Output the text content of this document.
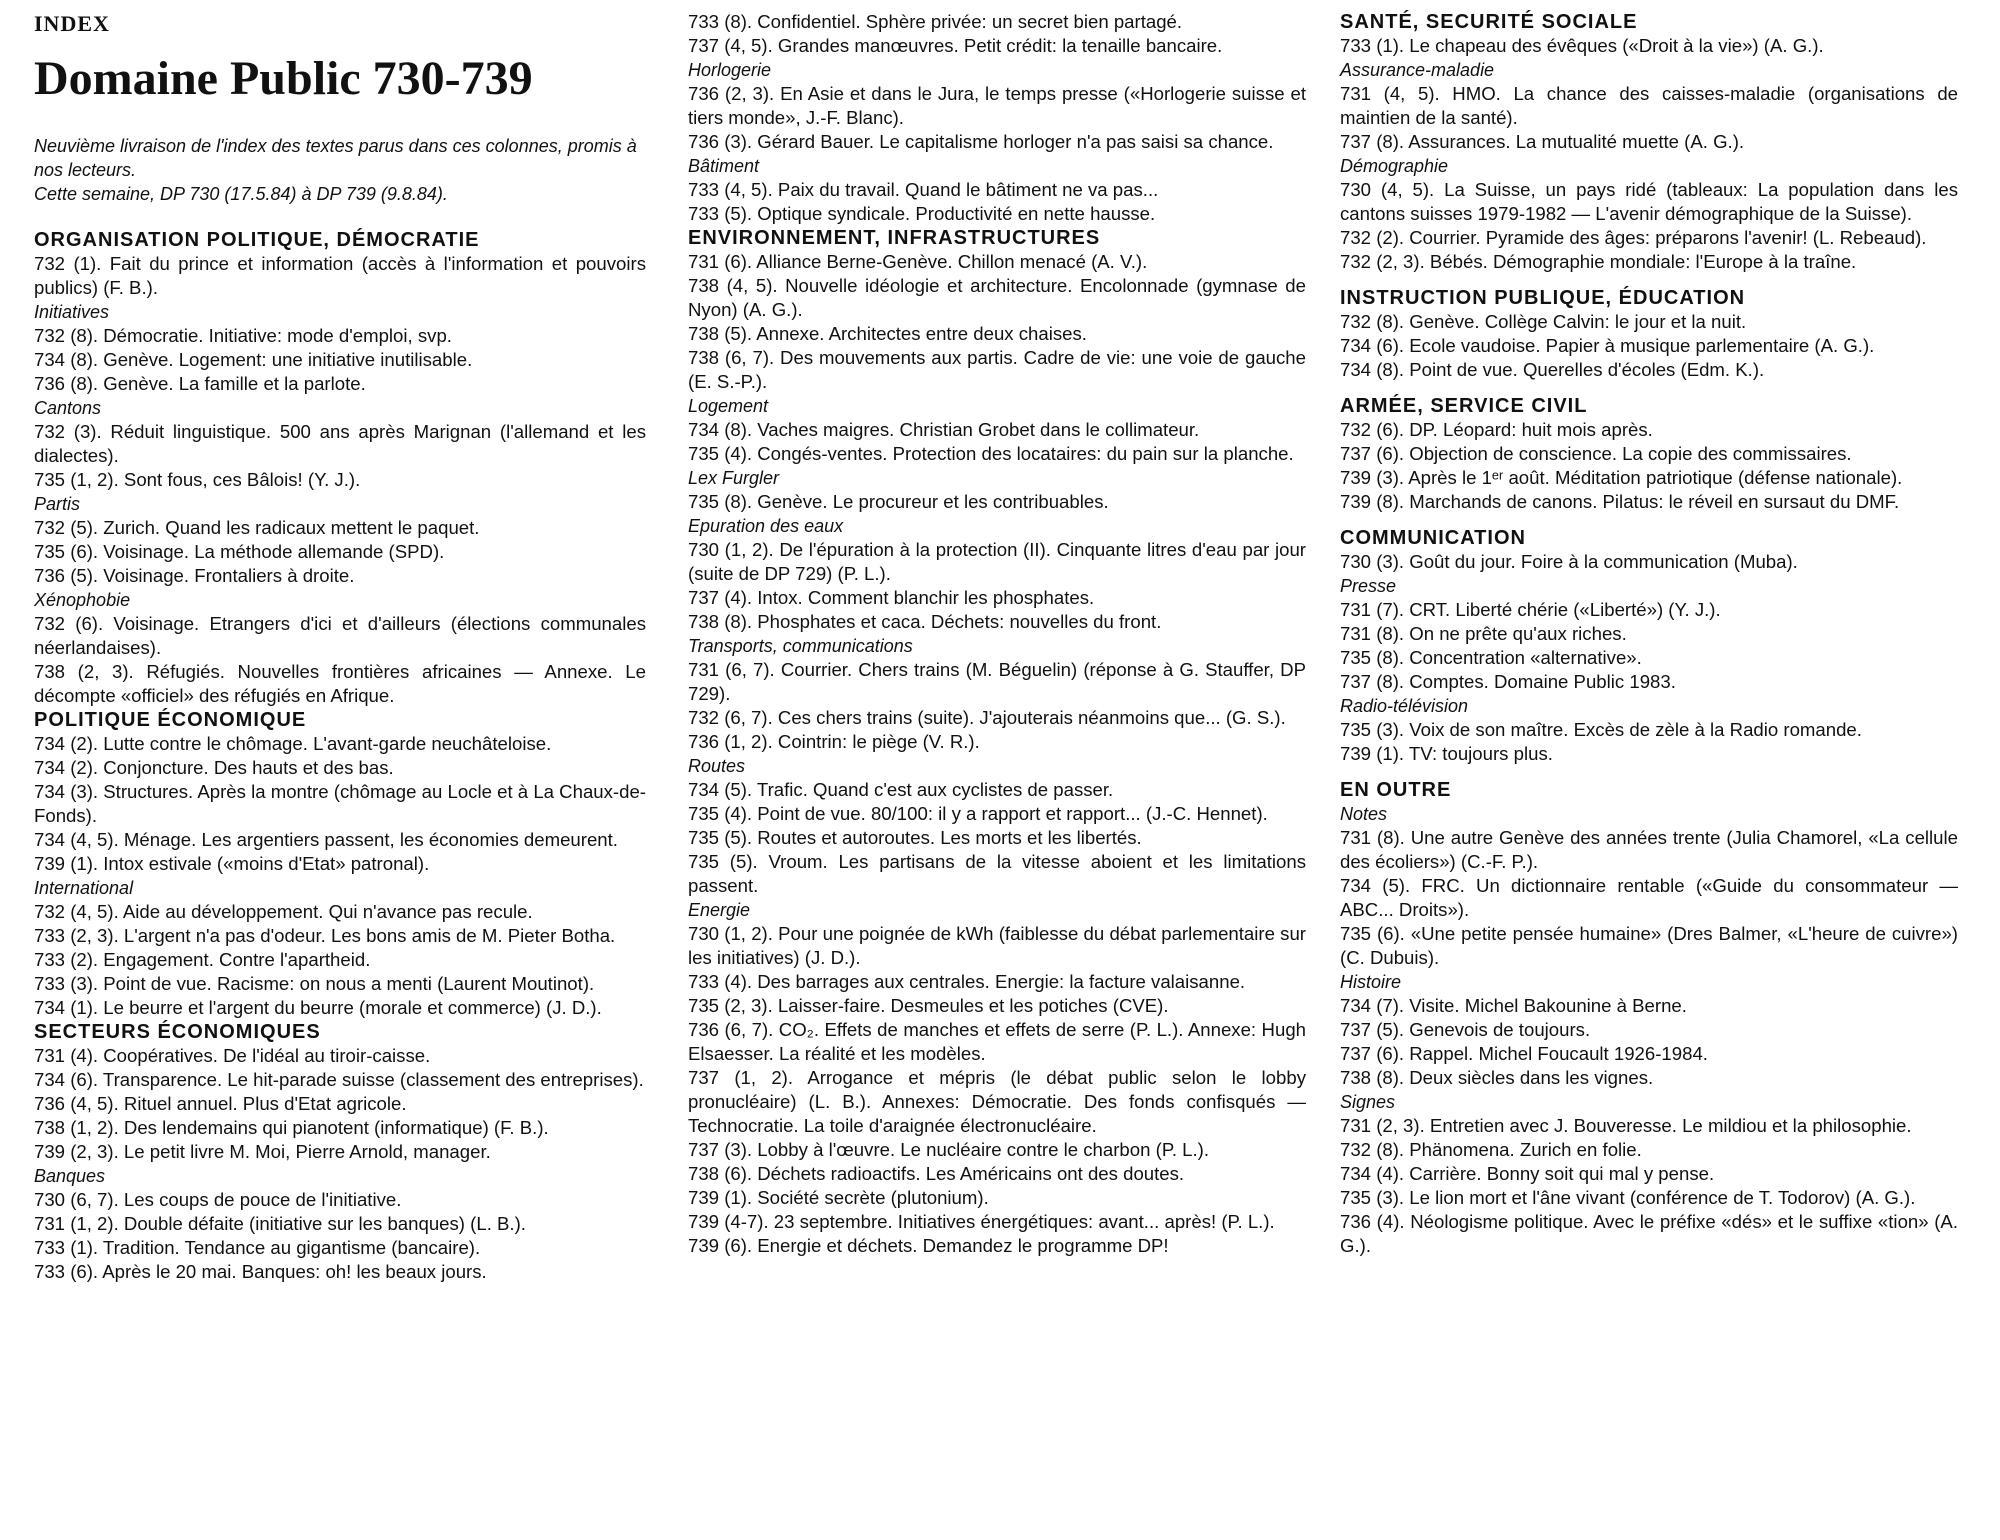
INDEX
Domaine Public 730-739
Neuvième livraison de l'index des textes parus dans ces colonnes, promis à nos lecteurs.
Cette semaine, DP 730 (17.5.84) à DP 739 (9.8.84).
ORGANISATION POLITIQUE, DÉMOCRATIE
732 (1). Fait du prince et information (accès à l'information et pouvoirs publics) (F. B.).
Initiatives
732 (8). Démocratie. Initiative: mode d'emploi, svp.
734 (8). Genève. Logement: une initiative inutilisable.
736 (8). Genève. La famille et la parlote.
Cantons
732 (3). Réduit linguistique. 500 ans après Marignan (l'allemand et les dialectes).
735 (1, 2). Sont fous, ces Bâlois! (Y. J.).
Partis
732 (5). Zurich. Quand les radicaux mettent le paquet.
735 (6). Voisinage. La méthode allemande (SPD).
736 (5). Voisinage. Frontaliers à droite.
Xénophobie
732 (6). Voisinage. Etrangers d'ici et d'ailleurs (élections communales néerlandaises).
738 (2, 3). Réfugiés. Nouvelles frontières africaines — Annexe. Le décompte «officiel» des réfugiés en Afrique.
POLITIQUE ÉCONOMIQUE
734 (2). Lutte contre le chômage. L'avant-garde neuchâteloise.
734 (2). Conjoncture. Des hauts et des bas.
734 (3). Structures. Après la montre (chômage au Locle et à La Chaux-de-Fonds).
734 (4, 5). Ménage. Les argentiers passent, les économies demeurent.
739 (1). Intox estivale («moins d'Etat» patronal).
International
732 (4, 5). Aide au développement. Qui n'avance pas recule.
733 (2, 3). L'argent n'a pas d'odeur. Les bons amis de M. Pieter Botha.
733 (2). Engagement. Contre l'apartheid.
733 (3). Point de vue. Racisme: on nous a menti (Laurent Moutinot).
734 (1). Le beurre et l'argent du beurre (morale et commerce) (J. D.).
SECTEURS ÉCONOMIQUES
731 (4). Coopératives. De l'idéal au tiroir-caisse.
734 (6). Transparence. Le hit-parade suisse (classement des entreprises).
736 (4, 5). Rituel annuel. Plus d'Etat agricole.
738 (1, 2). Des lendemains qui pianotent (informatique) (F. B.).
739 (2, 3). Le petit livre M. Moi, Pierre Arnold, manager.
Banques
730 (6, 7). Les coups de pouce de l'initiative.
731 (1, 2). Double défaite (initiative sur les banques) (L. B.).
733 (1). Tradition. Tendance au gigantisme (bancaire).
733 (6). Après le 20 mai. Banques: oh! les beaux jours.
733 (8). Confidentiel. Sphère privée: un secret bien partagé.
737 (4, 5). Grandes manœuvres. Petit crédit: la tenaille bancaire.
Horlogerie
736 (2, 3). En Asie et dans le Jura, le temps presse («Horlogerie suisse et tiers monde», J.-F. Blanc).
736 (3). Gérard Bauer. Le capitalisme horloger n'a pas saisi sa chance.
Bâtiment
733 (4, 5). Paix du travail. Quand le bâtiment ne va pas...
733 (5). Optique syndicale. Productivité en nette hausse.
ENVIRONNEMENT, INFRASTRUCTURES
731 (6). Alliance Berne-Genève. Chillon menacé (A. V.).
738 (4, 5). Nouvelle idéologie et architecture. Encolonnade (gymnase de Nyon) (A. G.).
738 (5). Annexe. Architectes entre deux chaises.
738 (6, 7). Des mouvements aux partis. Cadre de vie: une voie de gauche (E. S.-P.).
Logement
734 (8). Vaches maigres. Christian Grobet dans le collimateur.
735 (4). Congés-ventes. Protection des locataires: du pain sur la planche.
Lex Furgler
735 (8). Genève. Le procureur et les contribuables.
Epuration des eaux
730 (1, 2). De l'épuration à la protection (II). Cinquante litres d'eau par jour (suite de DP 729) (P. L.).
737 (4). Intox. Comment blanchir les phosphates.
738 (8). Phosphates et caca. Déchets: nouvelles du front.
Transports, communications
731 (6, 7). Courrier. Chers trains (M. Béguelin) (réponse à G. Stauffer, DP 729).
732 (6, 7). Ces chers trains (suite). J'ajouterais néanmoins que... (G. S.).
736 (1, 2). Cointrin: le piège (V. R.).
Routes
734 (5). Trafic. Quand c'est aux cyclistes de passer.
735 (4). Point de vue. 80/100: il y a rapport et rapport... (J.-C. Hennet).
735 (5). Routes et autoroutes. Les morts et les libertés.
735 (5). Vroum. Les partisans de la vitesse aboient et les limitations passent.
Energie
730 (1, 2). Pour une poignée de kWh (faiblesse du débat parlementaire sur les initiatives) (J. D.).
733 (4). Des barrages aux centrales. Energie: la facture valaisanne.
735 (2, 3). Laisser-faire. Desmeules et les potiches (CVE).
736 (6, 7). CO₂. Effets de manches et effets de serre (P. L.). Annexe: Hugh Elsaesser. La réalité et les modèles.
737 (1, 2). Arrogance et mépris (le débat public selon le lobby pronucléaire) (L. B.). Annexes: Démocratie. Des fonds confisqués — Technocratie. La toile d'araignée électronucléaire.
737 (3). Lobby à l'œuvre. Le nucléaire contre le charbon (P. L.).
738 (6). Déchets radioactifs. Les Américains ont des doutes.
739 (1). Société secrète (plutonium).
739 (4-7). 23 septembre. Initiatives énergétiques: avant... après! (P. L.).
739 (6). Energie et déchets. Demandez le programme DP!
SANTÉ, SECURITÉ SOCIALE
733 (1). Le chapeau des évêques («Droit à la vie») (A. G.).
Assurance-maladie
731 (4, 5). HMO. La chance des caisses-maladie (organisations de maintien de la santé).
737 (8). Assurances. La mutualité muette (A. G.).
Démographie
730 (4, 5). La Suisse, un pays ridé (tableaux: La population dans les cantons suisses 1979-1982 — L'avenir démographique de la Suisse).
732 (2). Courrier. Pyramide des âges: préparons l'avenir! (L. Rebeaud).
732 (2, 3). Bébés. Démographie mondiale: l'Europe à la traîne.
INSTRUCTION PUBLIQUE, ÉDUCATION
732 (8). Genève. Collège Calvin: le jour et la nuit.
734 (6). Ecole vaudoise. Papier à musique parlementaire (A. G.).
734 (8). Point de vue. Querelles d'écoles (Edm. K.).
ARMÉE, SERVICE CIVIL
732 (6). DP. Léopard: huit mois après.
737 (6). Objection de conscience. La copie des commissaires.
739 (3). Après le 1ᵉʳ août. Méditation patriotique (défense nationale).
739 (8). Marchands de canons. Pilatus: le réveil en sursaut du DMF.
COMMUNICATION
730 (3). Goût du jour. Foire à la communication (Muba).
Presse
731 (7). CRT. Liberté chérie («Liberté») (Y. J.).
731 (8). On ne prête qu'aux riches.
735 (8). Concentration «alternative».
737 (8). Comptes. Domaine Public 1983.
Radio-télévision
735 (3). Voix de son maître. Excès de zèle à la Radio romande.
739 (1). TV: toujours plus.
EN OUTRE
Notes
731 (8). Une autre Genève des années trente (Julia Chamorel, «La cellule des écoliers») (C.-F. P.).
734 (5). FRC. Un dictionnaire rentable («Guide du consommateur — ABC... Droits»).
735 (6). «Une petite pensée humaine» (Dres Balmer, «L'heure de cuivre») (C. Dubuis).
Histoire
734 (7). Visite. Michel Bakounine à Berne.
737 (5). Genevois de toujours.
737 (6). Rappel. Michel Foucault 1926-1984.
738 (8). Deux siècles dans les vignes.
Signes
731 (2, 3). Entretien avec J. Bouveresse. Le mildiou et la philosophie.
732 (8). Phänomena. Zurich en folie.
734 (4). Carrière. Bonny soit qui mal y pense.
735 (3). Le lion mort et l'âne vivant (conférence de T. Todorov) (A. G.).
736 (4). Néologisme politique. Avec le préfixe «dés» et le suffixe «tion» (A. G.).
